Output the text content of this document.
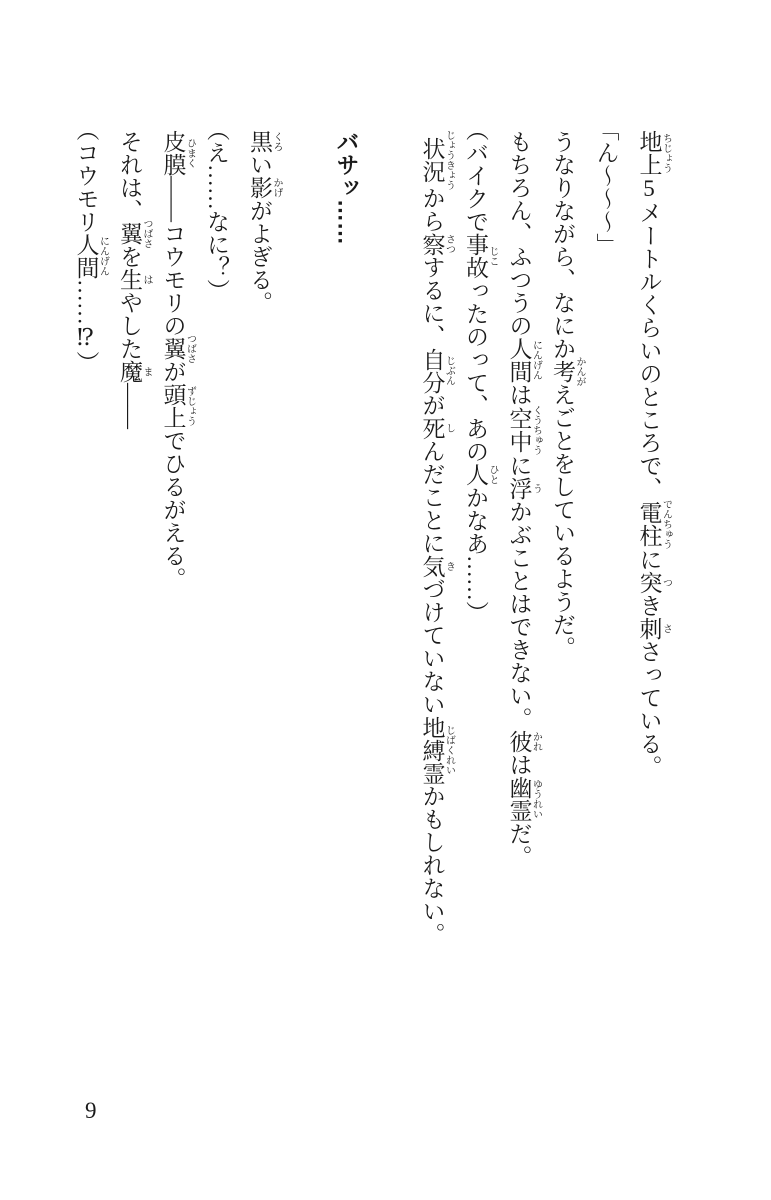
地上 ちじょう5メートルくらいのところで、電柱 でんちゅうに突 つき刺 ささっている。
「ん〜〜〜」
うなりながら、なにか考 かんがえごとをしているようだ。
もちろん、ふつうの人間 にんげんは空中 くうちゅうに浮 うかぶことはできない。彼 かれは幽霊 ゆうれいだ。
（バイクで事故 じこったのって、あの人 ひとかなあ……）
状況 じょうきょうから察 さつするに、自分 じぶんが死 しんだことに気 きづけていない地縛霊 じばくれいかもしれない。
バサッ……
黒 くろい影 かげがよぎる。
（え……なに？）
皮膜 ひまく——コウモリの翼 つばさが頭上 ずじょうでひるがえる。
それは、翼 つばさを生 はやした魔 ま——
（コウモリ人間 にんげん……⁉）
9
